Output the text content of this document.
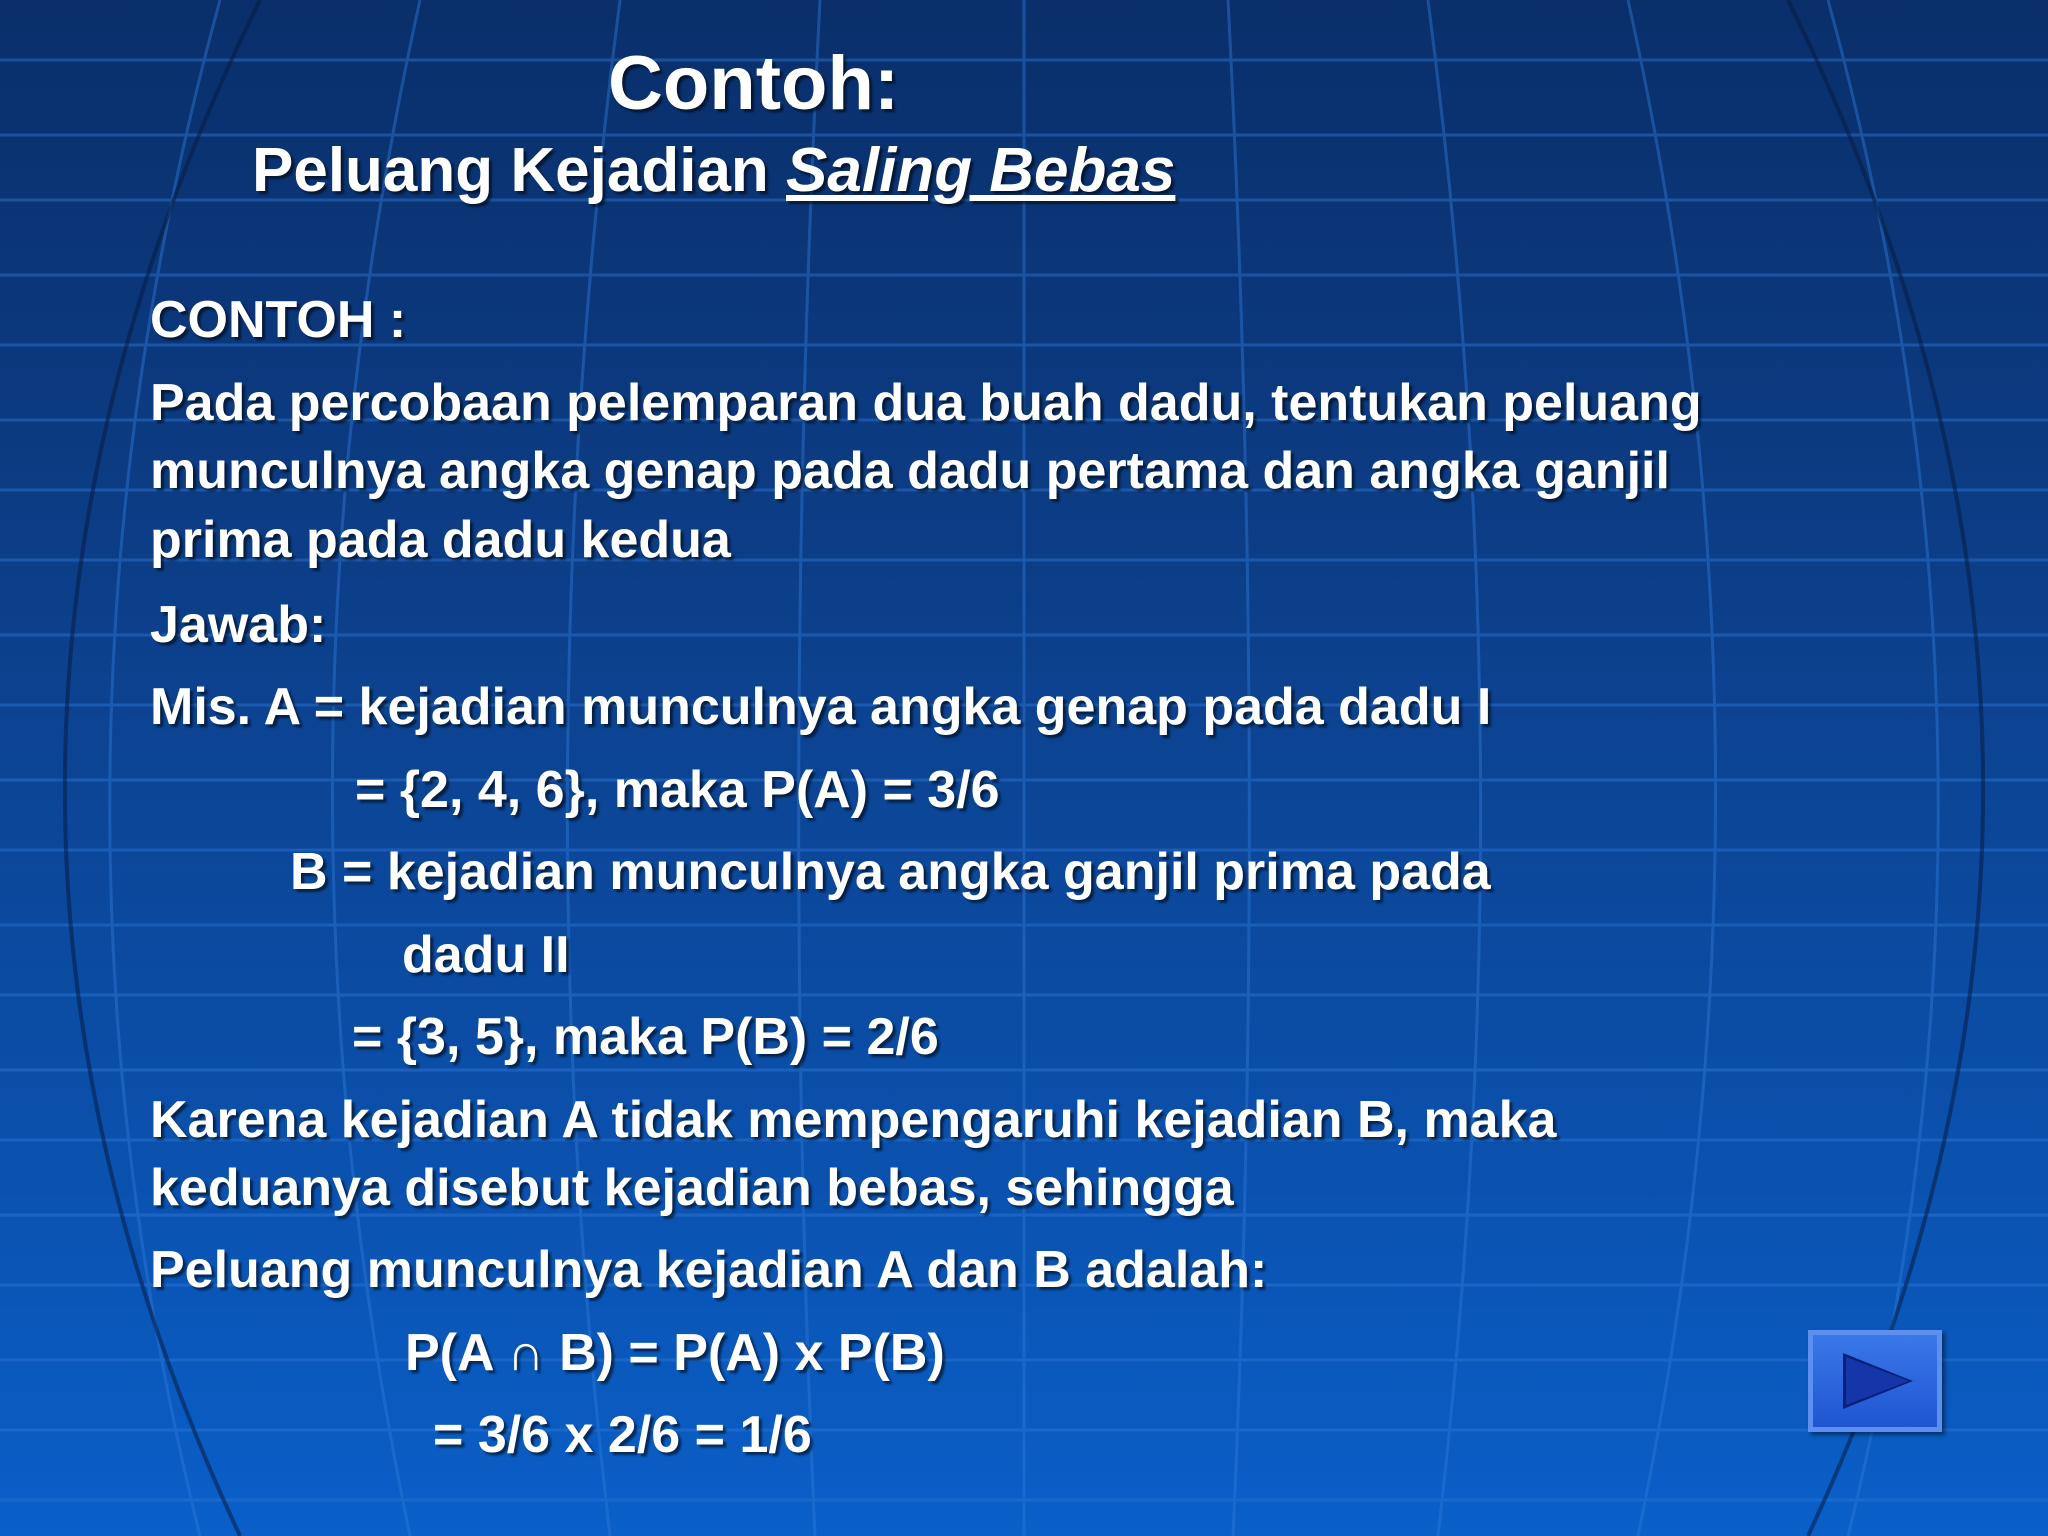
Contoh:
Peluang Kejadian Saling Bebas
CONTOH :
Pada percobaan pelemparan dua buah dadu, tentukan peluang
munculnya angka genap pada dadu pertama dan angka ganjil
prima pada dadu kedua
Jawab:
Mis. A = kejadian munculnya angka genap pada dadu I
= {2, 4, 6}, maka P(A) = 3/6
B = kejadian munculnya angka ganjil prima pada
dadu II
= {3, 5}, maka P(B) = 2/6
Karena kejadian A tidak mempengaruhi kejadian B, maka
keduanya disebut kejadian bebas, sehingga
Peluang munculnya kejadian A dan B adalah:
P(A ∩ B) = P(A) x P(B)
= 3/6 x 2/6 = 1/6
